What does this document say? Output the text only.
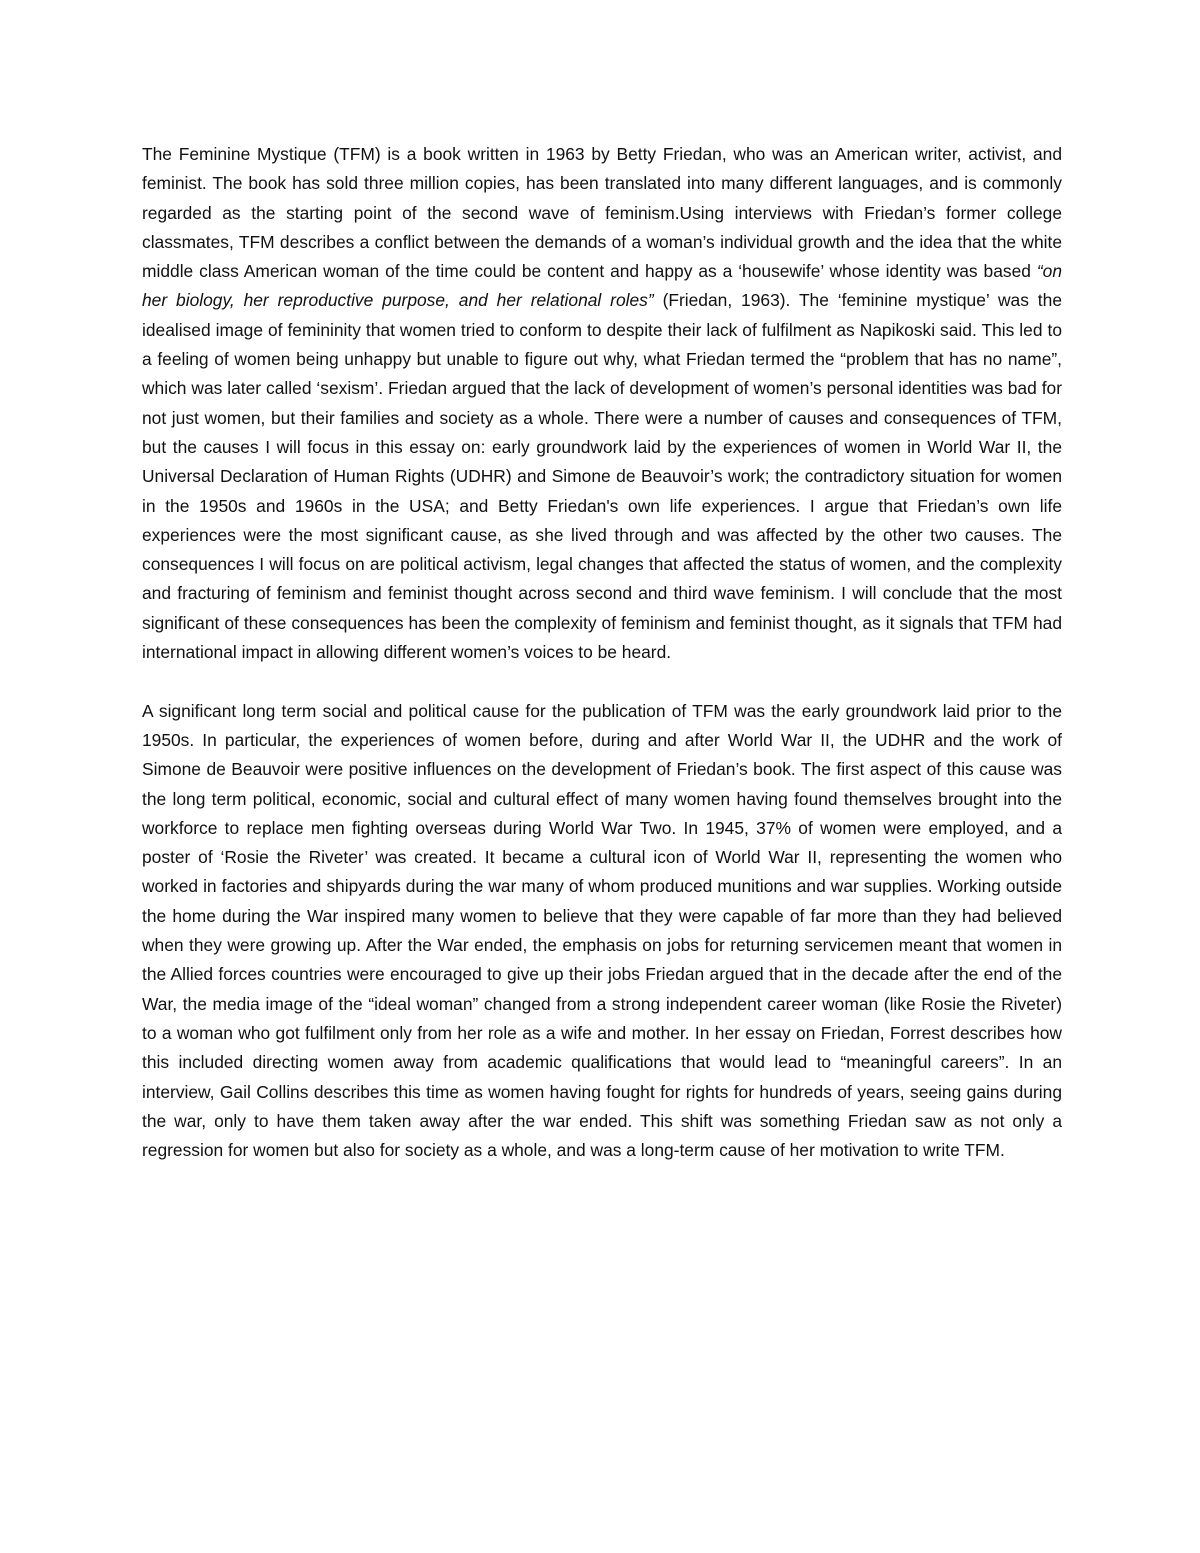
The Feminine Mystique (TFM) is a book written in 1963 by Betty Friedan, who was an American writer, activist, and feminist. The book has sold three million copies, has been translated into many different languages, and is commonly regarded as the starting point of the second wave of feminism.Using interviews with Friedan’s former college classmates, TFM describes a conflict between the demands of a woman’s individual growth and the idea that the white middle class American woman of the time could be content and happy as a ‘housewife’ whose identity was based “on her biology, her reproductive purpose, and her relational roles” (Friedan, 1963). The ‘feminine mystique’ was the idealised image of femininity that women tried to conform to despite their lack of fulfilment as Napikoski said. This led to a feeling of women being unhappy but unable to figure out why, what Friedan termed the “problem that has no name”, which was later called ‘sexism’. Friedan argued that the lack of development of women’s personal identities was bad for not just women, but their families and society as a whole. There were a number of causes and consequences of TFM, but the causes I will focus in this essay on: early groundwork laid by the experiences of women in World War II, the Universal Declaration of Human Rights (UDHR) and Simone de Beauvoir’s work; the contradictory situation for women in the 1950s and 1960s in the USA; and Betty Friedan's own life experiences. I argue that Friedan’s own life experiences were the most significant cause, as she lived through and was affected by the other two causes. The consequences I will focus on are political activism, legal changes that affected the status of women, and the complexity and fracturing of feminism and feminist thought across second and third wave feminism. I will conclude that the most significant of these consequences has been the complexity of feminism and feminist thought, as it signals that TFM had international impact in allowing different women’s voices to be heard.

A significant long term social and political cause for the publication of TFM was the early groundwork laid prior to the 1950s. In particular, the experiences of women before, during and after World War II, the UDHR and the work of Simone de Beauvoir were positive influences on the development of Friedan’s book. The first aspect of this cause was the long term political, economic, social and cultural effect of many women having found themselves brought into the workforce to replace men fighting overseas during World War Two. In 1945, 37% of women were employed, and a poster of ‘Rosie the Riveter’ was created. It became a cultural icon of World War II, representing the women who worked in factories and shipyards during the war many of whom produced munitions and war supplies. Working outside the home during the War inspired many women to believe that they were capable of far more than they had believed when they were growing up. After the War ended, the emphasis on jobs for returning servicemen meant that women in the Allied forces countries were encouraged to give up their jobs Friedan argued that in the decade after the end of the War, the media image of the “ideal woman” changed from a strong independent career woman (like Rosie the Riveter) to a woman who got fulfilment only from her role as a wife and mother. In her essay on Friedan, Forrest describes how this included directing women away from academic qualifications that would lead to “meaningful careers”. In an interview, Gail Collins describes this time as women having fought for rights for hundreds of years, seeing gains during the war, only to have them taken away after the war ended. This shift was something Friedan saw as not only a regression for women but also for society as a whole, and was a long-term cause of her motivation to write TFM.
